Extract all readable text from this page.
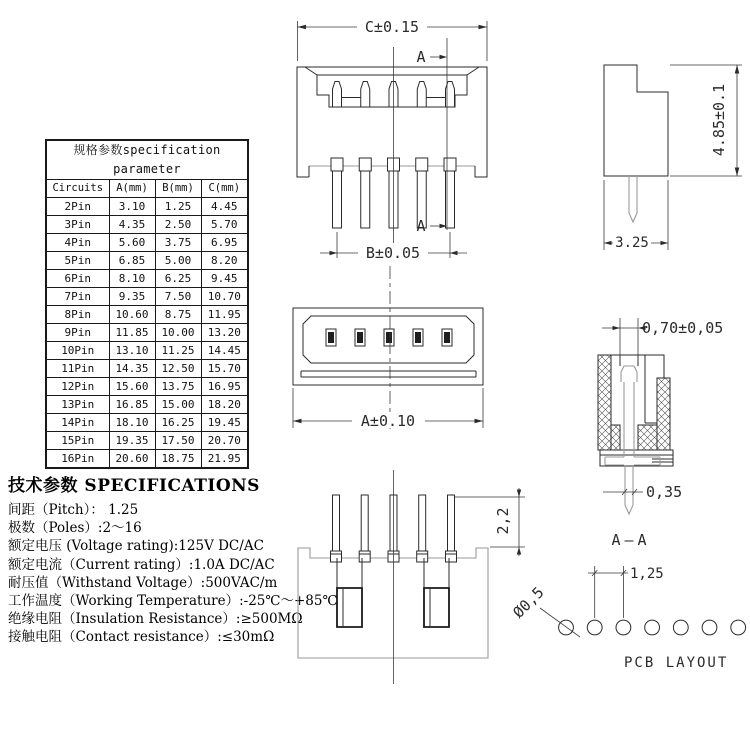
规格参数specification parameter			
Circuits	A(mm)	B(mm)	C(mm)
2Pin	3.10	1.25	4.45
3Pin	4.35	2.50	5.70
4Pin	5.60	3.75	6.95
5Pin	6.85	5.00	8.20
6Pin	8.10	6.25	9.45
7Pin	9.35	7.50	10.70
8Pin	10.60	8.75	11.95
9Pin	11.85	10.00	13.20
10Pin	13.10	11.25	14.45
11Pin	14.35	12.50	15.70
12Pin	15.60	13.75	16.95
13Pin	16.85	15.00	18.20
14Pin	18.10	16.25	19.45
15Pin	19.35	17.50	20.70
16Pin	20.60	18.75	21.95
技术参数 SPECIFICATIONS
间距（Pitch）： 1.25
极数（Poles）:2～16
额定电压 (Voltage rating):125V DC/AC
额定电流（Current rating）:1.0A DC/AC
耐压值（Withstand Voltage）:500VAC/m
工作温度（Working Temperature）:-25℃～+85℃
绝缘电阻（Insulation Resistance）:≥500MΩ
接触电阻（Contact resistance）:≤30mΩ
C±0.15
A
A
B±0.05
4.85±0.1
3.25
A±0.10
0,70±0,05
0,35
A—A
2,2
Ø0,5
1,25
PCB LAYOUT
